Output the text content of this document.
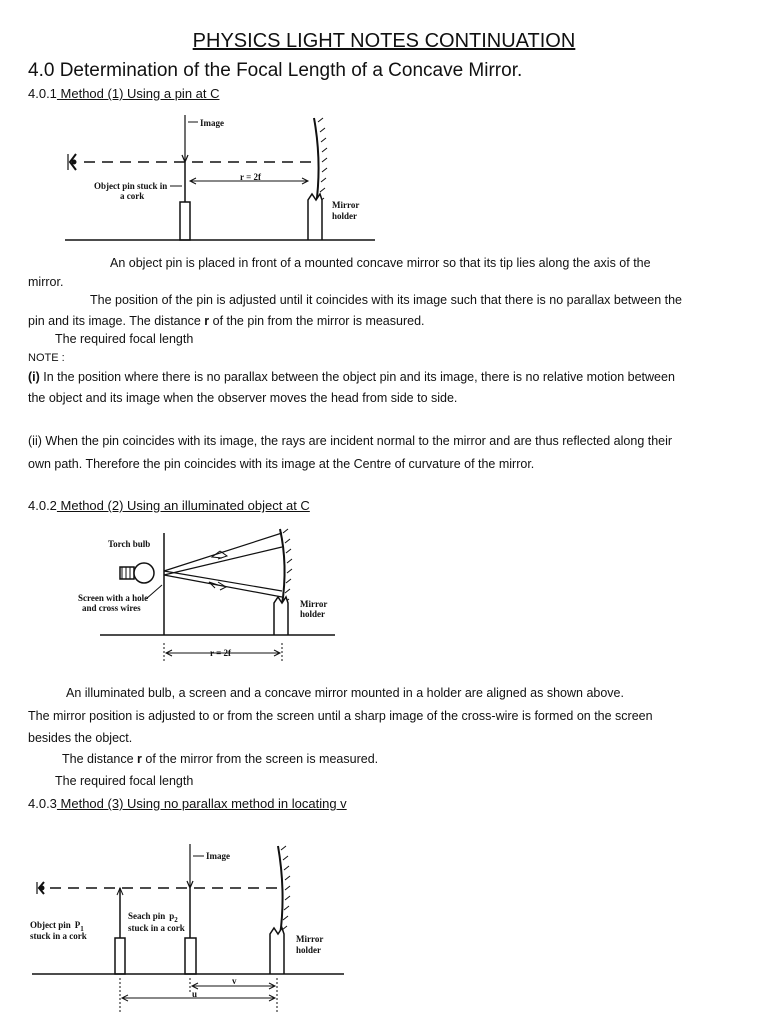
PHYSICS LIGHT NOTES CONTINUATION
4.0 Determination of the Focal Length of a Concave Mirror.
4.0.1 Method (1) Using a pin at C
Image
Object pin stuck in
a cork
r = 2f
Mirror
holder
An object pin is placed in front of a mounted concave mirror so that its tip lies along the axis of the
mirror.
The position of the pin is adjusted until it coincides with its image such that there is no parallax between the
pin and its image. The distance r of the pin from the mirror is measured.
The required focal length
NOTE :
(i) In the position where there is no parallax between the object pin and its image, there is no relative motion between
the object and its image when the observer moves the head from side to side.
(ii) When the pin coincides with its image, the rays are incident normal to the mirror and are thus reflected along their
own path. Therefore the pin coincides with its image at the Centre of curvature of the mirror.
4.0.2 Method (2) Using an illuminated object at C
Torch bulb
Screen with a hole
and cross wires	Mirror
holder
r = 2f
An illuminated bulb, a screen and a concave mirror mounted in a holder are aligned as shown above.
The mirror position is adjusted to or from the screen until a sharp image of the cross-wire is formed on the screen
besides the object.
The distance r of the mirror from the screen is measured.
The required focal length
4.0.3 Method (3) Using no parallax method in locating v
Image
Object pin $P_1$
stuck in a cork
Seach pin $p_2$
stuck in a cork
Mirror
holder
v
u
